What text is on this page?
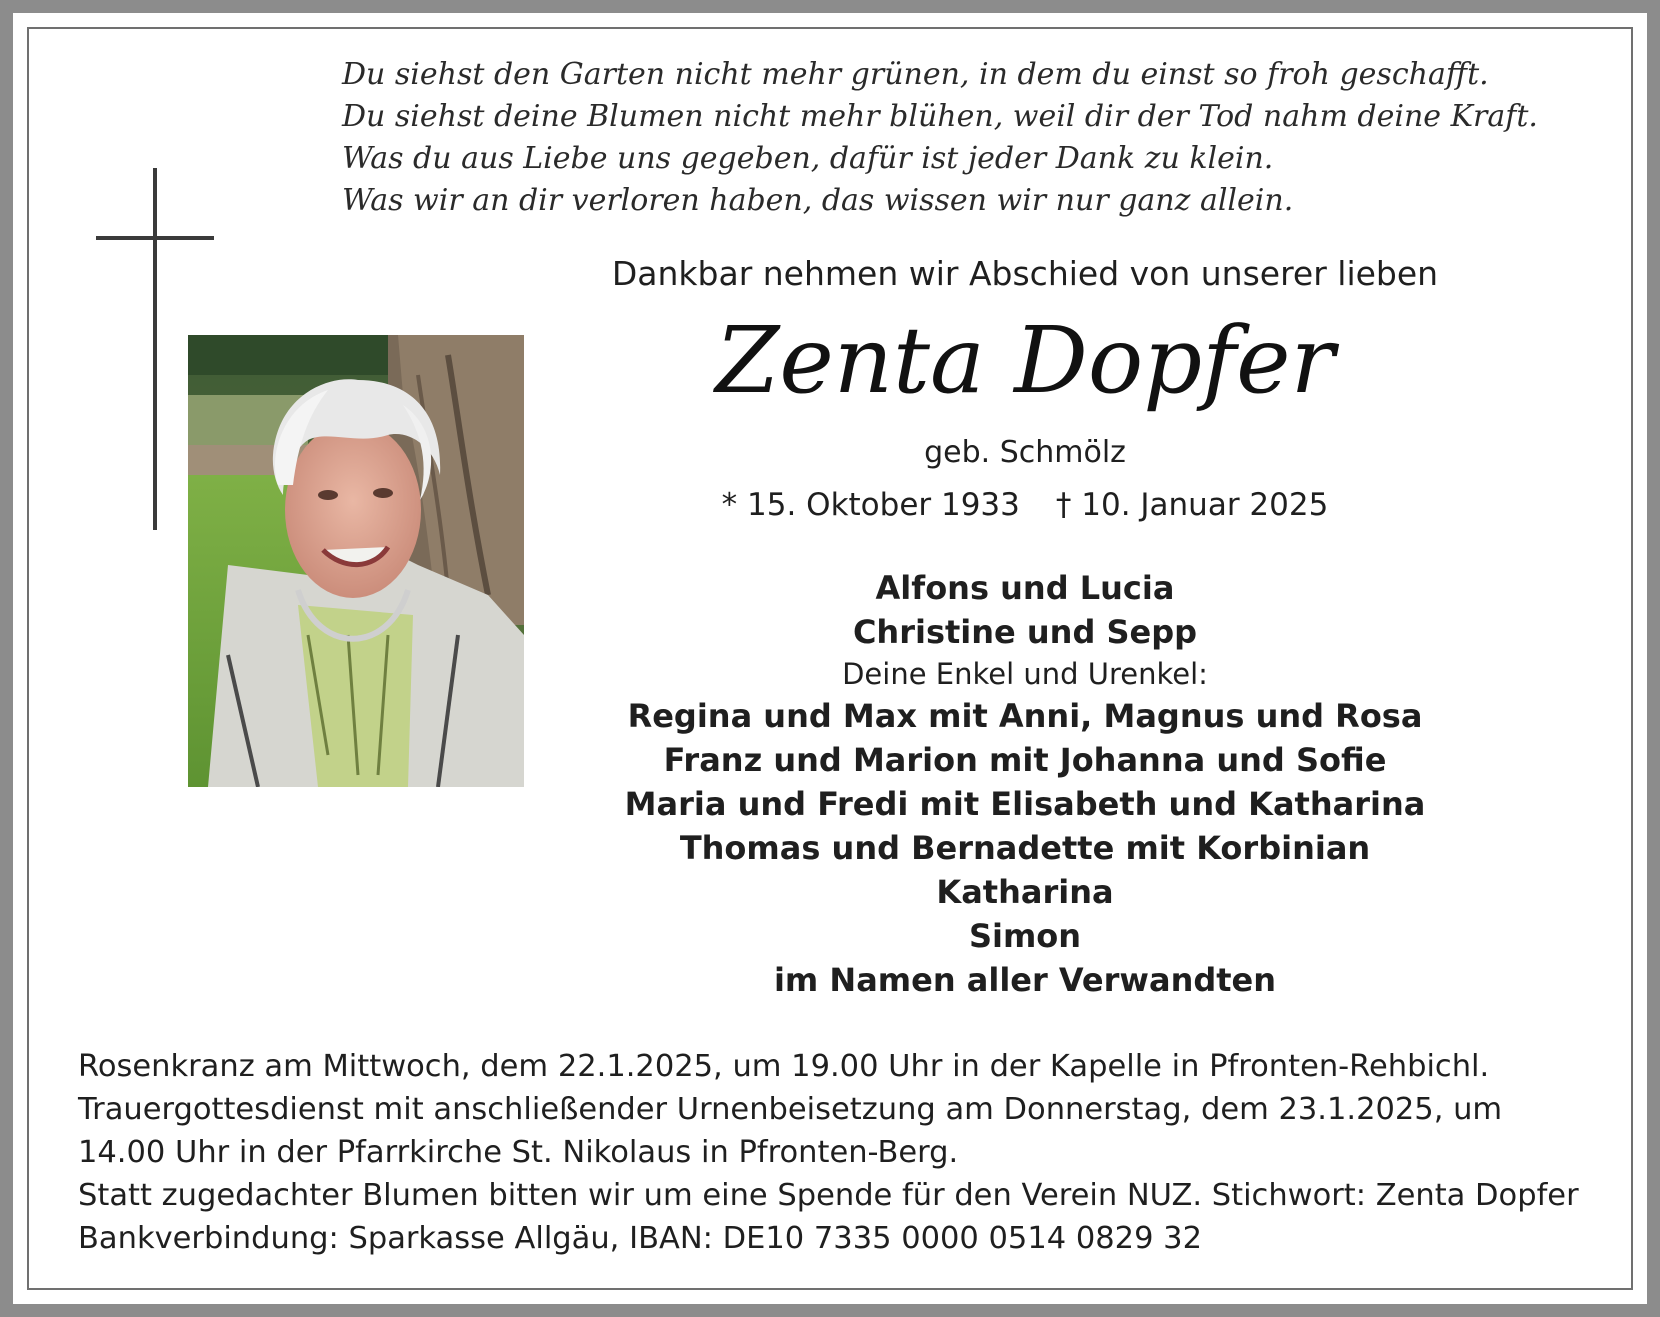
Du siehst den Garten nicht mehr grünen, in dem du einst so froh geschafft.
Du siehst deine Blumen nicht mehr blühen, weil dir der Tod nahm deine Kraft.
Was du aus Liebe uns gegeben, dafür ist jeder Dank zu klein.
Was wir an dir verloren haben, das wissen wir nur ganz allein.
Dankbar nehmen wir Abschied von unserer lieben
Zenta Dopfer
geb. Schmölz
* 15. Oktober 1933 † 10. Januar 2025
Alfons und Lucia
Christine und Sepp
Deine Enkel und Urenkel:
Regina und Max mit Anni, Magnus und Rosa
Franz und Marion mit Johanna und Sofie
Maria und Fredi mit Elisabeth und Katharina
Thomas und Bernadette mit Korbinian
Katharina
Simon
im Namen aller Verwandten
Rosenkranz am Mittwoch, dem 22.1.2025, um 19.00 Uhr in der Kapelle in Pfronten-Rehbichl.
Trauergottesdienst mit anschließender Urnenbeisetzung am Donnerstag, dem 23.1.2025, um
14.00 Uhr in der Pfarrkirche St. Nikolaus in Pfronten-Berg.
Statt zugedachter Blumen bitten wir um eine Spende für den Verein NUZ. Stichwort: Zenta Dopfer
Bankverbindung: Sparkasse Allgäu, IBAN: DE10 7335 0000 0514 0829 32
